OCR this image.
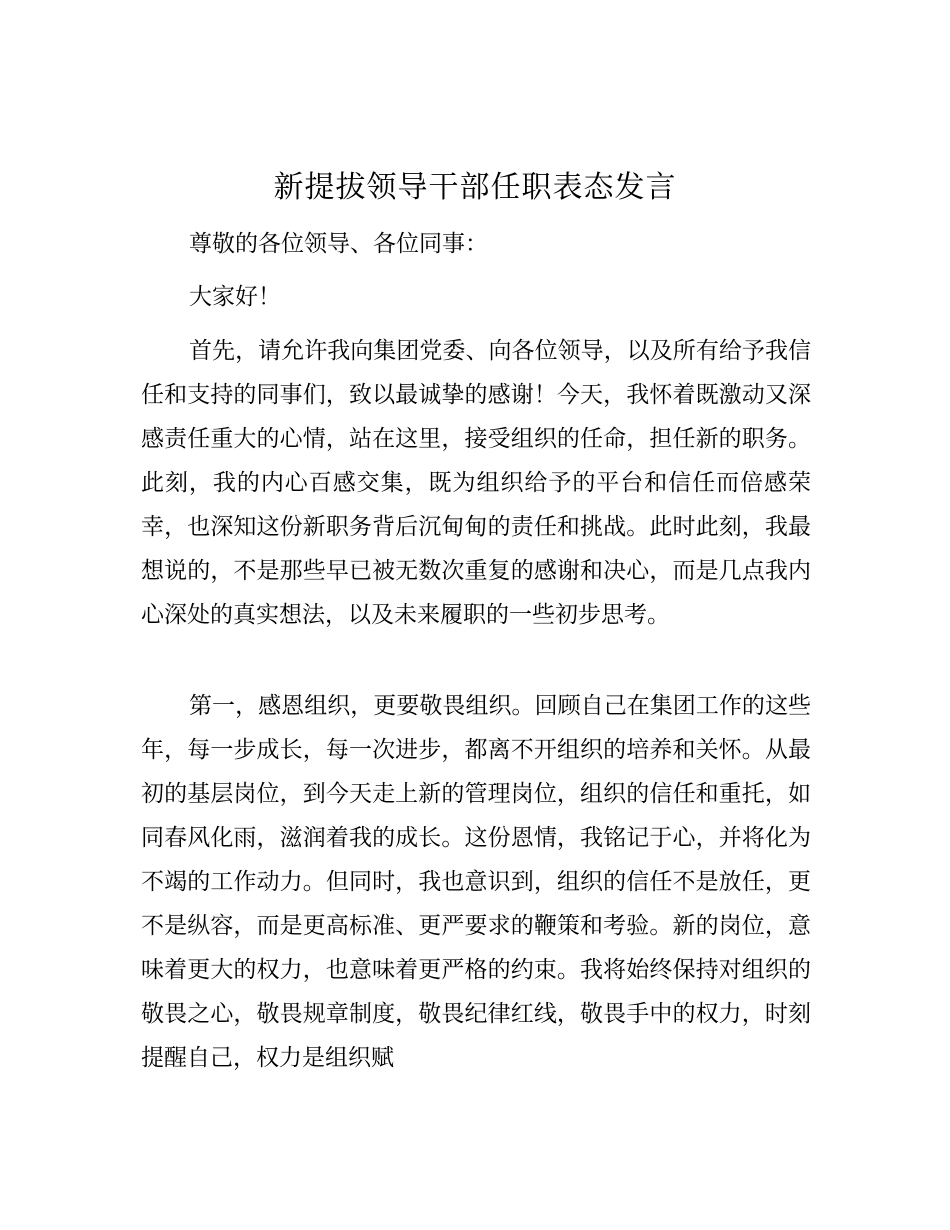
新提拔领导干部任职表态发言

尊敬的各位领导、各位同事：

大家好！

首先，请允许我向集团党委、向各位领导，以及所有给予我信任和支持的同事们，致以最诚挚的感谢！今天，我怀着既激动又深感责任重大的心情，站在这里，接受组织的任命，担任新的职务。此刻，我的内心百感交集，既为组织给予的平台和信任而倍感荣幸，也深知这份新职务背后沉甸甸的责任和挑战。此时此刻，我最想说的，不是那些早已被无数次重复的感谢和决心，而是几点我内心深处的真实想法，以及未来履职的一些初步思考。

第一，感恩组织，更要敬畏组织。回顾自己在集团工作的这些年，每一步成长，每一次进步，都离不开组织的培养和关怀。从最初的基层岗位，到今天走上新的管理岗位，组织的信任和重托，如同春风化雨，滋润着我的成长。这份恩情，我铭记于心，并将化为不竭的工作动力。但同时，我也意识到，组织的信任不是放任，更不是纵容，而是更高标准、更严要求的鞭策和考验。新的岗位，意味着更大的权力，也意味着更严格的约束。我将始终保持对组织的敬畏之心，敬畏规章制度，敬畏纪律红线，敬畏手中的权力，时刻提醒自己，权力是组织赋
